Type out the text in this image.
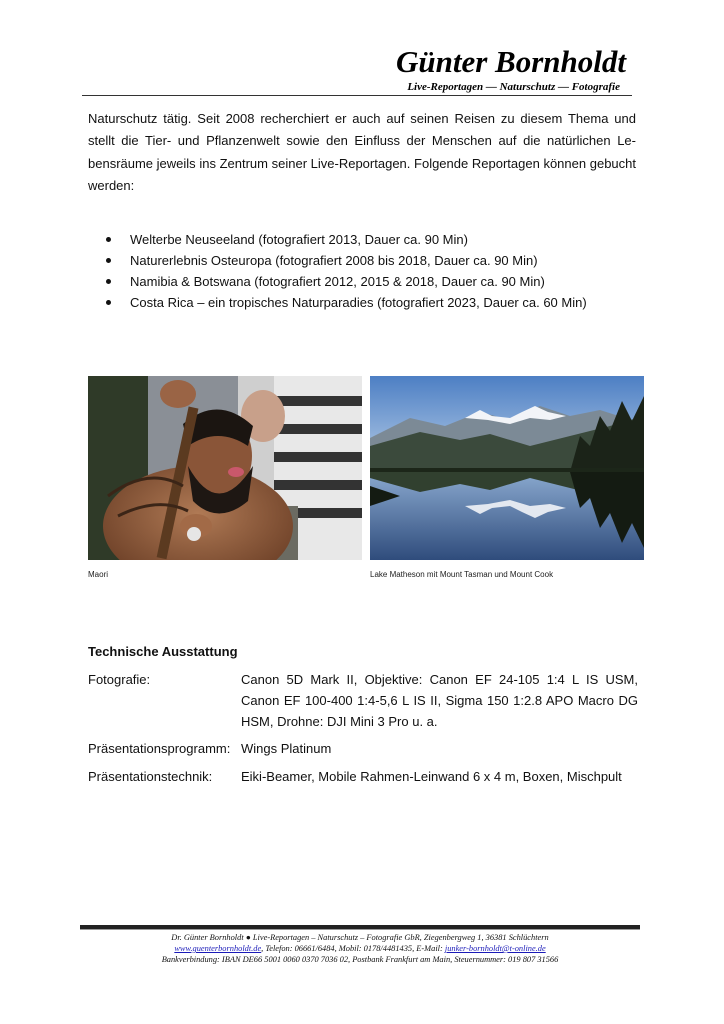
Günter Bornholdt
Live-Reportagen — Naturschutz — Fotografie
Naturschutz tätig. Seit 2008 recherchiert er auch auf seinen Reisen zu diesem Thema und stellt die Tier- und Pflanzenwelt sowie den Einfluss der Menschen auf die natürlichen Lebensräume jeweils ins Zentrum seiner Live-Reportagen. Folgende Reportagen können gebucht werden:
Welterbe Neuseeland (fotografiert 2013, Dauer ca. 90 Min)
Naturerlebnis Osteuropa (fotografiert 2008 bis 2018, Dauer ca. 90 Min)
Namibia & Botswana (fotografiert 2012, 2015 & 2018, Dauer ca. 90 Min)
Costa Rica – ein tropisches Naturparadies (fotografiert 2023, Dauer ca. 60 Min)
Maori	Lake Matheson mit Mount Tasman und Mount Cook
Technische Ausstattung
Fotografie:	Canon 5D Mark II, Objektive: Canon EF 24-105 1:4 L IS USM, Canon EF 100-400 1:4-5,6 L IS II, Sigma 150 1:2.8 APO Macro DG HSM, Drohne: DJI Mini 3 Pro u. a.
Präsentationsprogramm: Wings Platinum
Präsentationstechnik: Eiki-Beamer, Mobile Rahmen-Leinwand 6 x 4 m, Boxen, Mischpult
Dr. Günter Bornholdt ● Live-Reportagen – Naturschutz – Fotografie GbR, Ziegenbergweg 1, 36381 Schlüchtern
www.guenterbornholdt.de, Telefon: 06661/6484, Mobil: 0178/4481435, E-Mail: junker-bornholdt@t-online.de
Bankverbindung: IBAN DE66 5001 0060 0370 7036 02, Postbank Frankfurt am Main, Steuernummer: 019 807 31566
